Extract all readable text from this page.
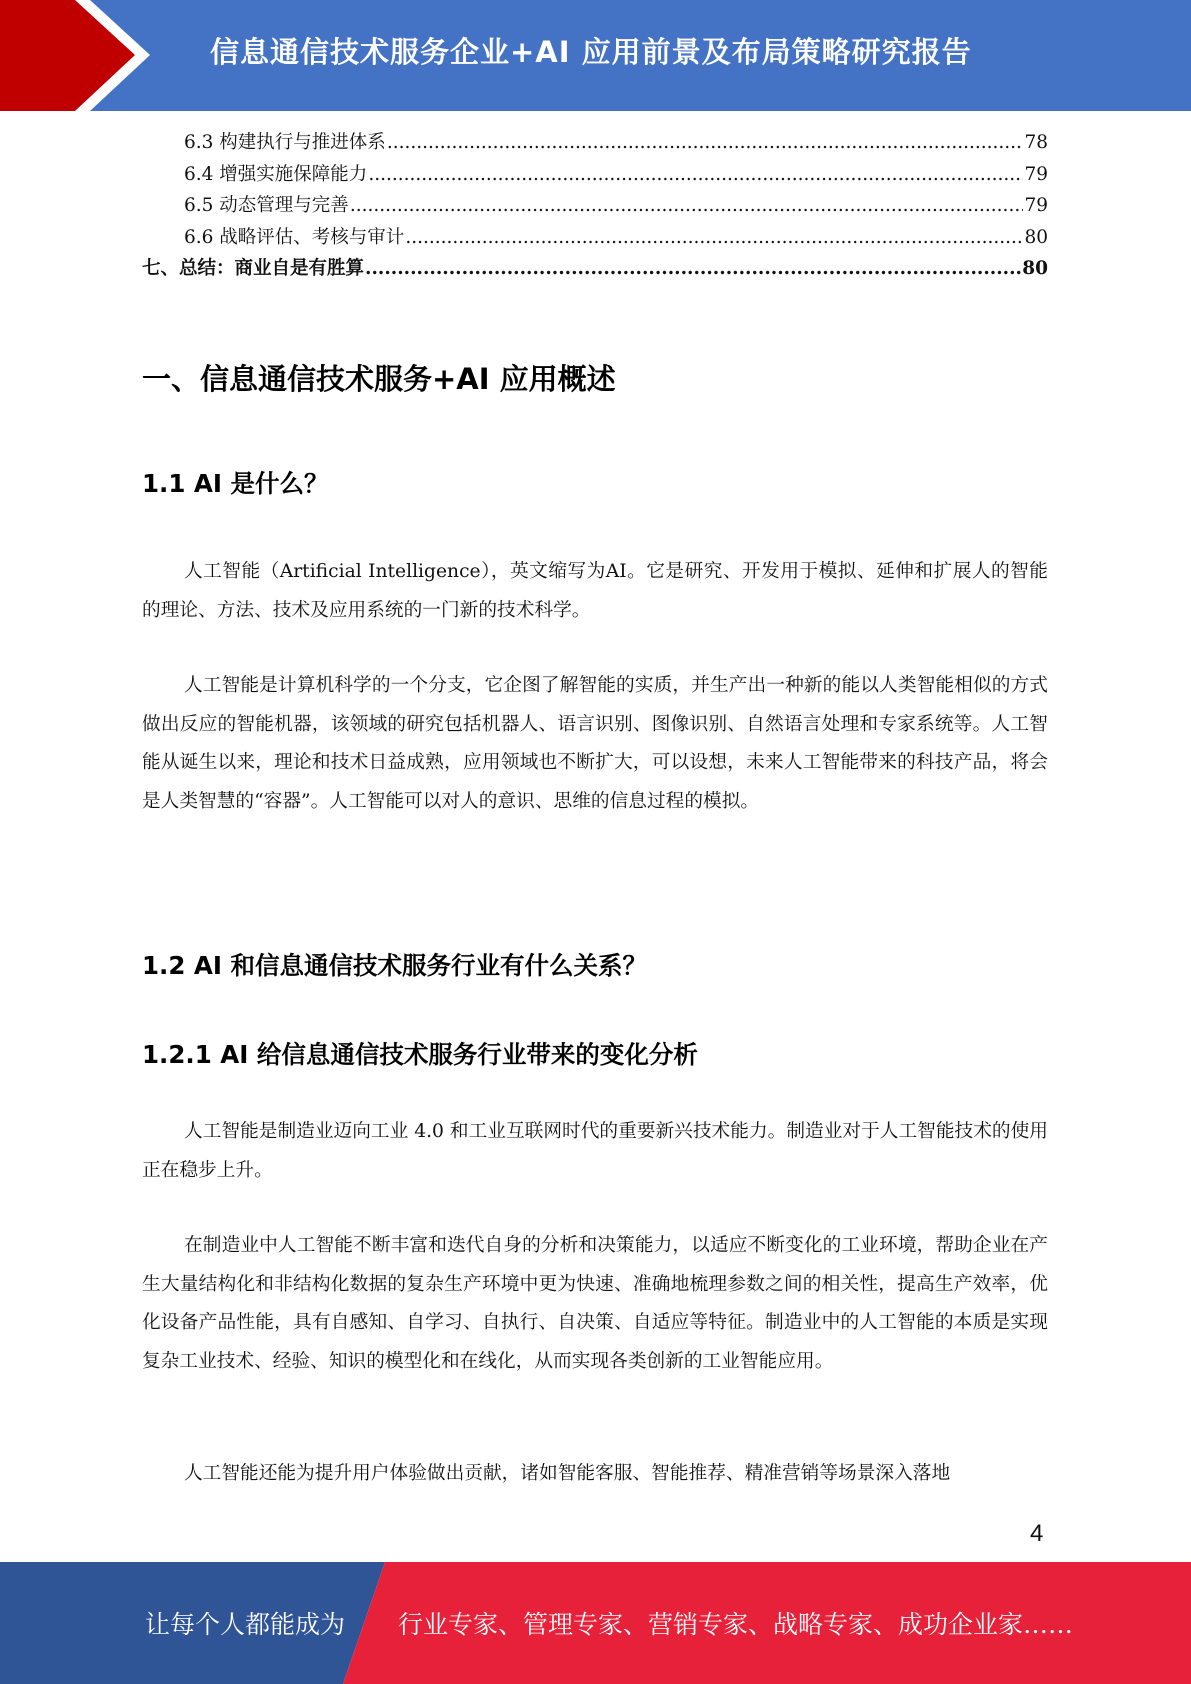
信息通信技术服务企业+AI 应用前景及布局策略研究报告
6.3 构建执行与推进体系 .....	78
6.4 增强实施保障能力 .....	79
6.5 动态管理与完善 .....	79
6.6 战略评估、考核与审计 .....	80
七、总结：商业自是有胜算 .....	80
一、信息通信技术服务+AI 应用概述
1.1 AI 是什么？

人工智能（Artificial Intelligence），英文缩写为AI。它是研究、开发用于模拟、延伸和扩展人的智能的理论、方法、技术及应用系统的一门新的技术科学。

人工智能是计算机科学的一个分支，它企图了解智能的实质，并生产出一种新的能以人类智能相似的方式做出反应的智能机器，该领域的研究包括机器人、语言识别、图像识别、自然语言处理和专家系统等。人工智能从诞生以来，理论和技术日益成熟，应用领域也不断扩大，可以设想，未来人工智能带来的科技产品，将会是人类智慧的“容器”。人工智能可以对人的意识、思维的信息过程的模拟。

1.2 AI 和信息通信技术服务行业有什么关系？
1.2.1 AI 给信息通信技术服务行业带来的变化分析

人工智能是制造业迈向工业 4.0 和工业互联网时代的重要新兴技术能力。制造业对于人工智能技术的使用正在稳步上升。

在制造业中人工智能不断丰富和迭代自身的分析和决策能力，以适应不断变化的工业环境，帮助企业在产生大量结构化和非结构化数据的复杂生产环境中更为快速、准确地梳理参数之间的相关性，提高生产效率，优化设备产品性能，具有自感知、自学习、自执行、自决策、自适应等特征。制造业中的人工智能的本质是实现复杂工业技术、经验、知识的模型化和在线化，从而实现各类创新的工业智能应用。

人工智能还能为提升用户体验做出贡献，诸如智能客服、智能推荐、精准营销等场景深入落地

4
让每个人都能成为 行业专家、管理专家、营销专家、战略专家、成功企业家……
